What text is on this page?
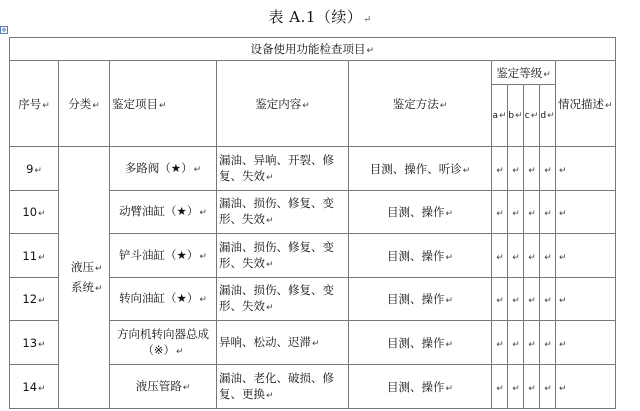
表 A.1（续）↵
✥
设备使用功能检查项目↵									
序号↵	分类↵	鉴定项目↵	鉴定内容↵	鉴定方法↵	鉴定等级↵				情况描述↵
					a↵	b↵	c↵	d↵	
9↵	液压↵
系统↵	多路阀（★）↵	漏油、异响、开裂、修复、失效↵	目测、操作、听诊↵	↵	↵	↵	↵	↵
10↵		动臂油缸（★）↵	漏油、损伤、修复、变形、失效↵	目测、操作↵	↵	↵	↵	↵	↵
11↵		铲斗油缸（★）↵	漏油、损伤、修复、变形、失效↵	目测、操作↵	↵	↵	↵	↵	↵
12↵		转向油缸（★）↵	漏油、损伤、修复、变形、失效↵	目测、操作↵	↵	↵	↵	↵	↵
13↵		方向机转向器总成（※）↵	异响、松动、迟滞↵	目测、操作↵	↵	↵	↵	↵	↵
14↵		液压管路↵	漏油、老化、破损、修复、更换↵	目测、操作↵	↵	↵	↵	↵	↵
